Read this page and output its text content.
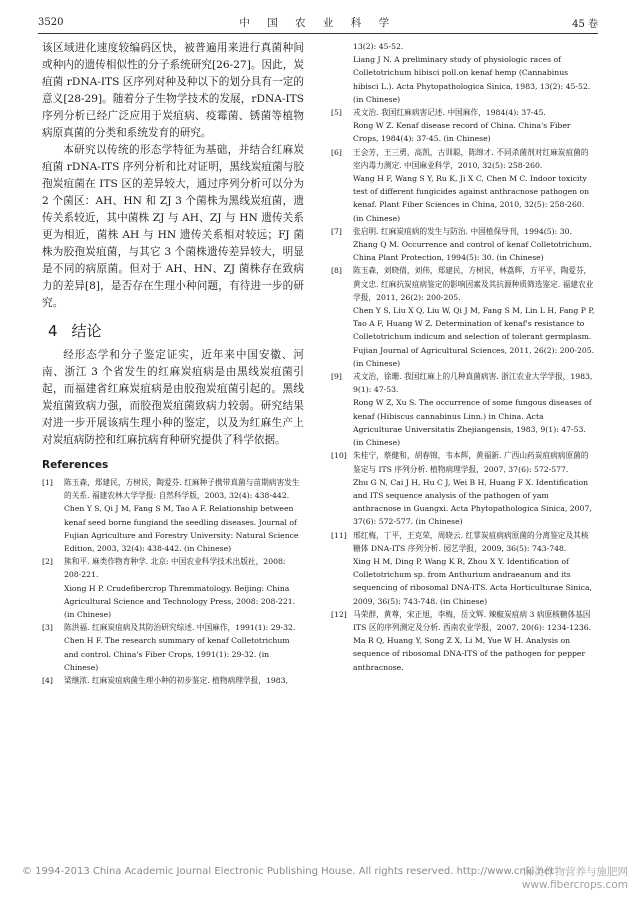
3520	中 国 农 业 科 学	45 卷

该区域进化速度较编码区快，被普遍用来进行真菌种间或种内的遗传相似性的分子系统研究[26-27]。因此，炭疽菌 rDNA-ITS 区序列对种及种以下的划分具有一定的意义[28-29]。随着分子生物学技术的发展，rDNA-ITS 序列分析已经广泛应用于炭疽病、疫霉菌、锈菌等植物病原真菌的分类和系统发育的研究。

本研究以传统的形态学特征为基础，并结合红麻炭疽菌 rDNA-ITS 序列分析和比对证明，黑线炭疽菌与胶孢炭疽菌在 ITS 区的差异较大，通过序列分析可以分为 2 个菌区：AH、HN 和 ZJ 3 个菌株为黑线炭疽菌，遗传关系较近，其中菌株 ZJ 与 AH、ZJ 与 HN 遗传关系更为相近，菌株 AH 与 HN 遗传关系相对较远；FJ 菌株为胶孢炭疽菌，与其它 3 个菌株遗传差异较大，明显是不同的病原菌。但对于 AH、HN、ZJ 菌株存在致病力的差异[8]，是否存在生理小种问题，有待进一步的研究。

4 结论

经形态学和分子鉴定证实，近年来中国安徽、河南、浙江 3 个省发生的红麻炭疽病是由黑线炭疽菌引起，而福建省红麻炭疽病是由胶孢炭疽菌引起的。黑线炭疽菌致病力强，而胶孢炭疽菌致病力较弱。研究结果对进一步开展该病生理小种的鉴定，以及为红麻生产上对炭疽病防控和红麻抗病育种研究提供了科学依据。

References
[1]	陈玉森，郑建民，方树民，陶爱芬. 红麻种子携带真菌与苗期病害发生的关系. 福建农林大学学报: 自然科学版，2003, 32(4): 438-442.
Chen Y S, Qi J M, Fang S M, Tao A F. Relationship between kenaf seed borne fungiand the seedling diseases. Journal of Fujian Agriculture and Forestry University: Natural Science Edition, 2003, 32(4): 438-442. (in Chinese)
[2]	熊和平. 麻类作物育种学. 北京: 中国农业科学技术出版社，2008: 208-221.
Xiong H P. Crudefibercrop Thremmatology. Beijing: China Agricultural Science and Technology Press, 2008: 208-221. (in Chinese)
[3]	陈洪福. 红麻炭疽病及其防治研究综述. 中国麻作，1991(1): 29-32.
Chen H F. The research summary of kenaf Colletotrichum and control. China's Fiber Crops, 1991(1): 29-32. (in Chinese)
[4]	梁继浓. 红麻炭疽病菌生理小种的初步鉴定. 植物病理学报，1983,
13(2): 45-52.
Liang J N. A preliminary study of physiologic races of Colletotrichum hibisci poll.on kenaf hemp (Cannabinus hibisci L.). Acta Phytopathologica Sinica, 1983, 13(2): 45-52. (in Chinese)
[5]	戎文治. 我国红麻病害记述. 中国麻作，1984(4): 37-45.
Rong W Z. Kenaf disease record of China. China's Fiber Crops, 1984(4): 37-45. (in Chinese)
[6]	王会芳，王三勇，高凯，古训聪，陈绵才. 不同杀菌剂对红麻炭疽菌的室内毒力测定. 中国麻业科学，2010, 32(5): 258-260.
Wang H F, Wang S Y, Ru K, Ji X C, Chen M C. Indoor toxicity test of different fungicides against anthracnose pathogen on kenaf. Plant Fiber Sciences in China, 2010, 32(5): 258-260. (in Chinese)
[7]	张启明. 红麻炭疽病的发生与防治. 中国植保导刊，1994(5): 30.
Zhang Q M. Occurrence and control of kenaf Colletotrichum. China Plant Protection, 1994(5): 30. (in Chinese)
[8]	陈玉森，刘晓倩，刘伟，郑建民，方树民，林荔辉，方平平，陶爱芬，黄文忠. 红麻抗炭疽病鉴定的影响因素及其抗源种质筛选鉴定. 福建农业学报，2011, 26(2): 200-205.
Chen Y S, Liu X Q, Liu W, Qi J M, Fang S M, Lin L H, Fang P P, Tao A F, Huang W Z. Determination of kenaf's resistance to Colletotrichum indicum and selection of tolerant germplasm. Fujian Journal of Agricultural Sciences, 2011, 26(2): 200-205. (in Chinese)
[9]	戎文治，徐珊. 我国红麻上的几种真菌病害. 浙江农业大学学报，1983, 9(1): 47-53.
Rong W Z, Xu S. The occurrence of some fungous diseases of kenaf (Hibiscus cannabinus Linn.) in China. Acta Agriculturae Universitatis Zhejiangensis, 1983, 9(1): 47-53. (in Chinese)
[10] 朱桂宁，蔡健和，胡春锦，韦本辉，黄福新. 广西山药炭疽病病原菌的鉴定与 ITS 序列分析. 植物病理学报，2007, 37(6): 572-577.
Zhu G N, Cai J H, Hu C J, Wei B H, Huang F X. Identification and ITS sequence analysis of the pathogen of yam anthracnose in Guangxi. Acta Phytopathologica Sinica, 2007, 37(6): 572-577. (in Chinese)
[11] 邢红梅，丁平，王克荣，周晓云. 红掌炭疽病病原菌的分离鉴定及其核糖体 DNA-ITS 序列分析. 园艺学报，2009, 36(5): 743-748.
Xing H M, Ding P, Wang K R, Zhou X Y. Identification of Colletotrichum sp. from Anthurium andraeanum and its sequencing of ribosomal DNA-ITS. Acta Horticulturae Sinica, 2009, 36(5): 743-748. (in Chinese)
[12] 马荣群，黄尊，宋正旭，李梅，岳文辉. 辣椒炭疽病 3 病原核糖体基因 ITS 区的序列测定及分析. 西南农业学报，2007, 20(6): 1234-1236.
Ma R Q, Huang Y, Song Z X, Li M, Yue W H. Analysis on sequence of ribosomal DNA-ITS of the pathogen for pepper anthracnose.
© 1994-2013 China Academic Journal Electronic Publishing House. All rights reserved. http://www.cnki.net
麻类作物营养与施肥网
www.fibercrops.com
